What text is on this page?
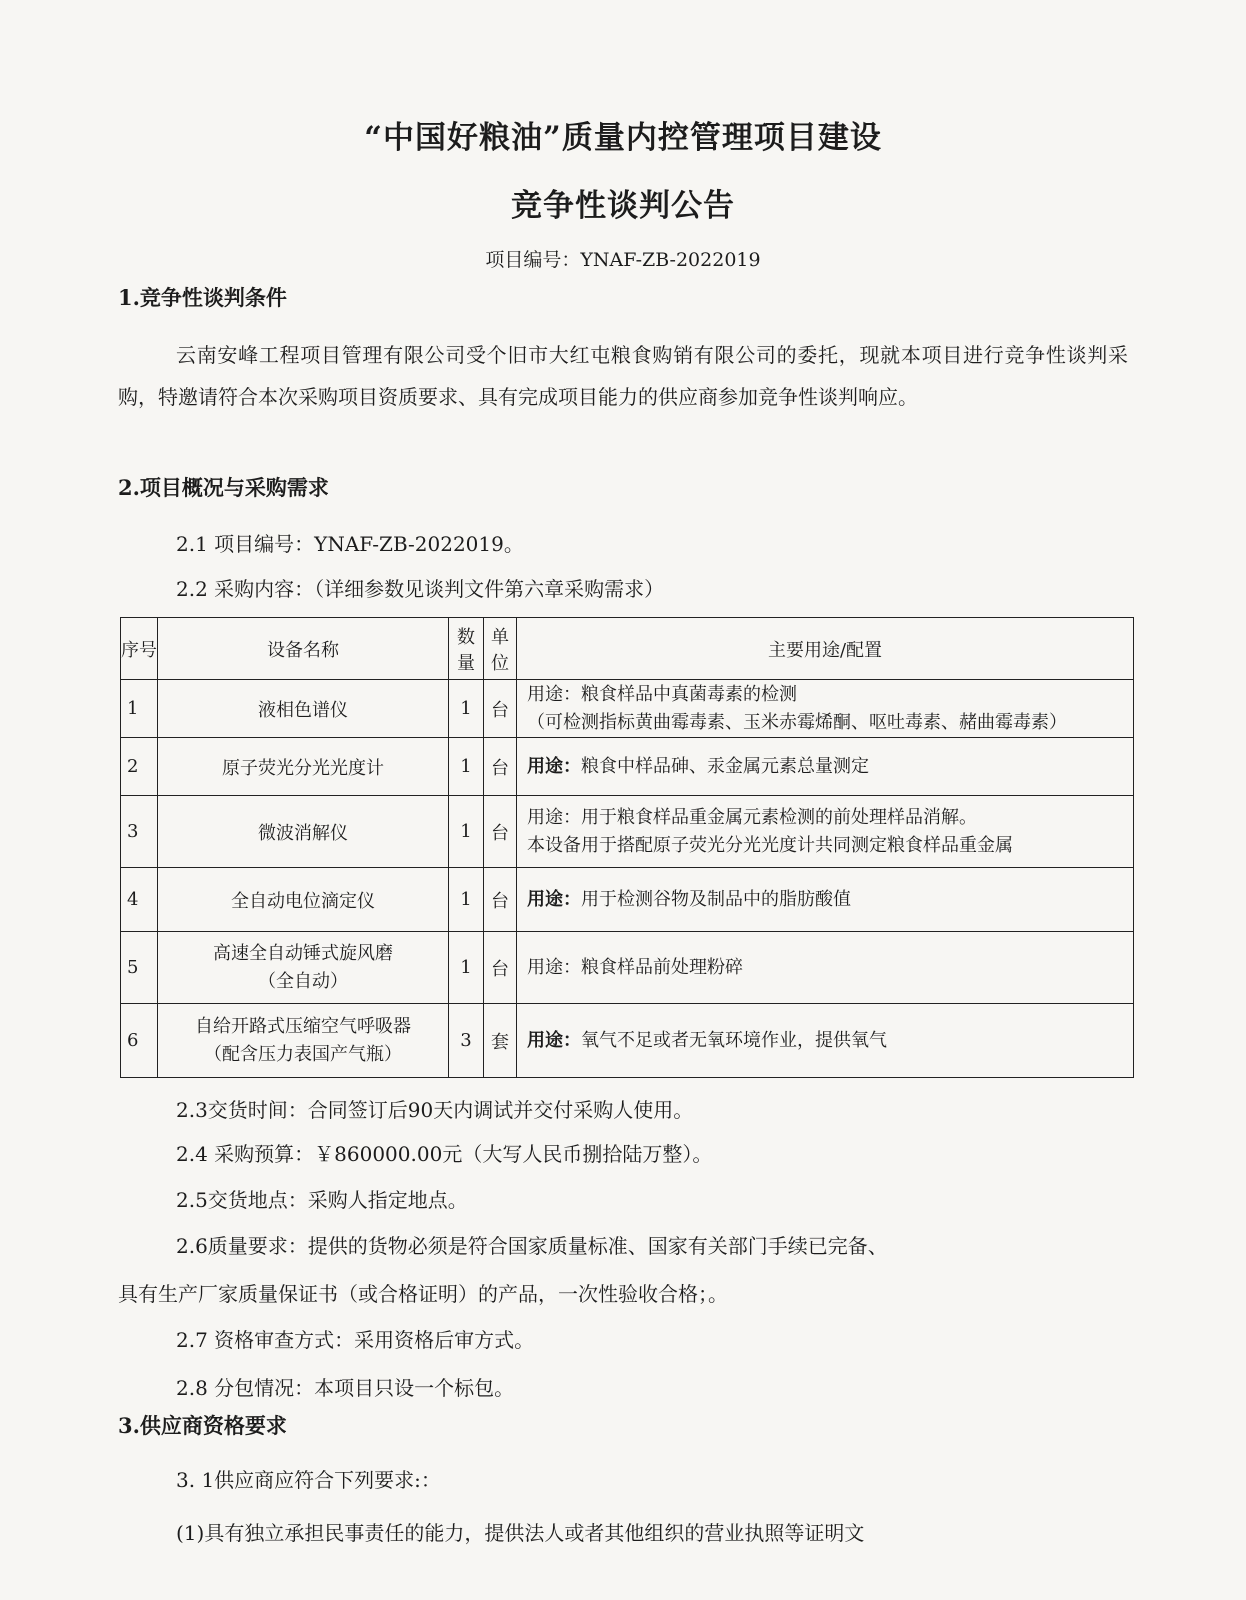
“中国好粮油”质量内控管理项目建设
竞争性谈判公告
项目编号：YNAF-ZB-2022019
1.竞争性谈判条件
云南安峰工程项目管理有限公司受个旧市大红屯粮食购销有限公司的委托，现就本项目进行竞争性谈判采购，特邀请符合本次采购项目资质要求、具有完成项目能力的供应商参加竞争性谈判响应。
2.项目概况与采购需求
2.1 项目编号：YNAF-ZB-2022019。
2.2 采购内容：（详细参数见谈判文件第六章采购需求）
序号	设备名称	数量	单位	主要用途/配置
1	液相色谱仪	1	台	用途：粮食样品中真菌毒素的检测
（可检测指标黄曲霉毒素、玉米赤霉烯酮、呕吐毒素、赭曲霉毒素）

2	原子荧光分光光度计	1	台	用途：粮食中样品砷、汞金属元素总量测定

3	微波消解仪	1	台	用途：用于粮食样品重金属元素检测的前处理样品消解。
本设备用于搭配原子荧光分光光度计共同测定粮食样品重金属

4	全自动电位滴定仪	1	台	用途：用于检测谷物及制品中的脂肪酸值

5	高速全自动锤式旋风磨
（全自动）	1	台	用途：粮食样品前处理粉碎

6	自给开路式压缩空气呼吸器
（配含压力表国产气瓶）	3	套	用途：氧气不足或者无氧环境作业，提供氧气
2.3交货时间：合同签订后90天内调试并交付采购人使用。
2.4 采购预算：￥860000.00元（大写人民币捌拾陆万整）。
2.5交货地点：采购人指定地点。
2.6质量要求：提供的货物必须是符合国家质量标准、国家有关部门手续已完备、
具有生产厂家质量保证书（或合格证明）的产品，一次性验收合格；。
2.7 资格审查方式：采用资格后审方式。
2.8 分包情况：本项目只设一个标包。
3.供应商资格要求
3. 1供应商应符合下列要求:：
(1)具有独立承担民事责任的能力，提供法人或者其他组织的营业执照等证明文
